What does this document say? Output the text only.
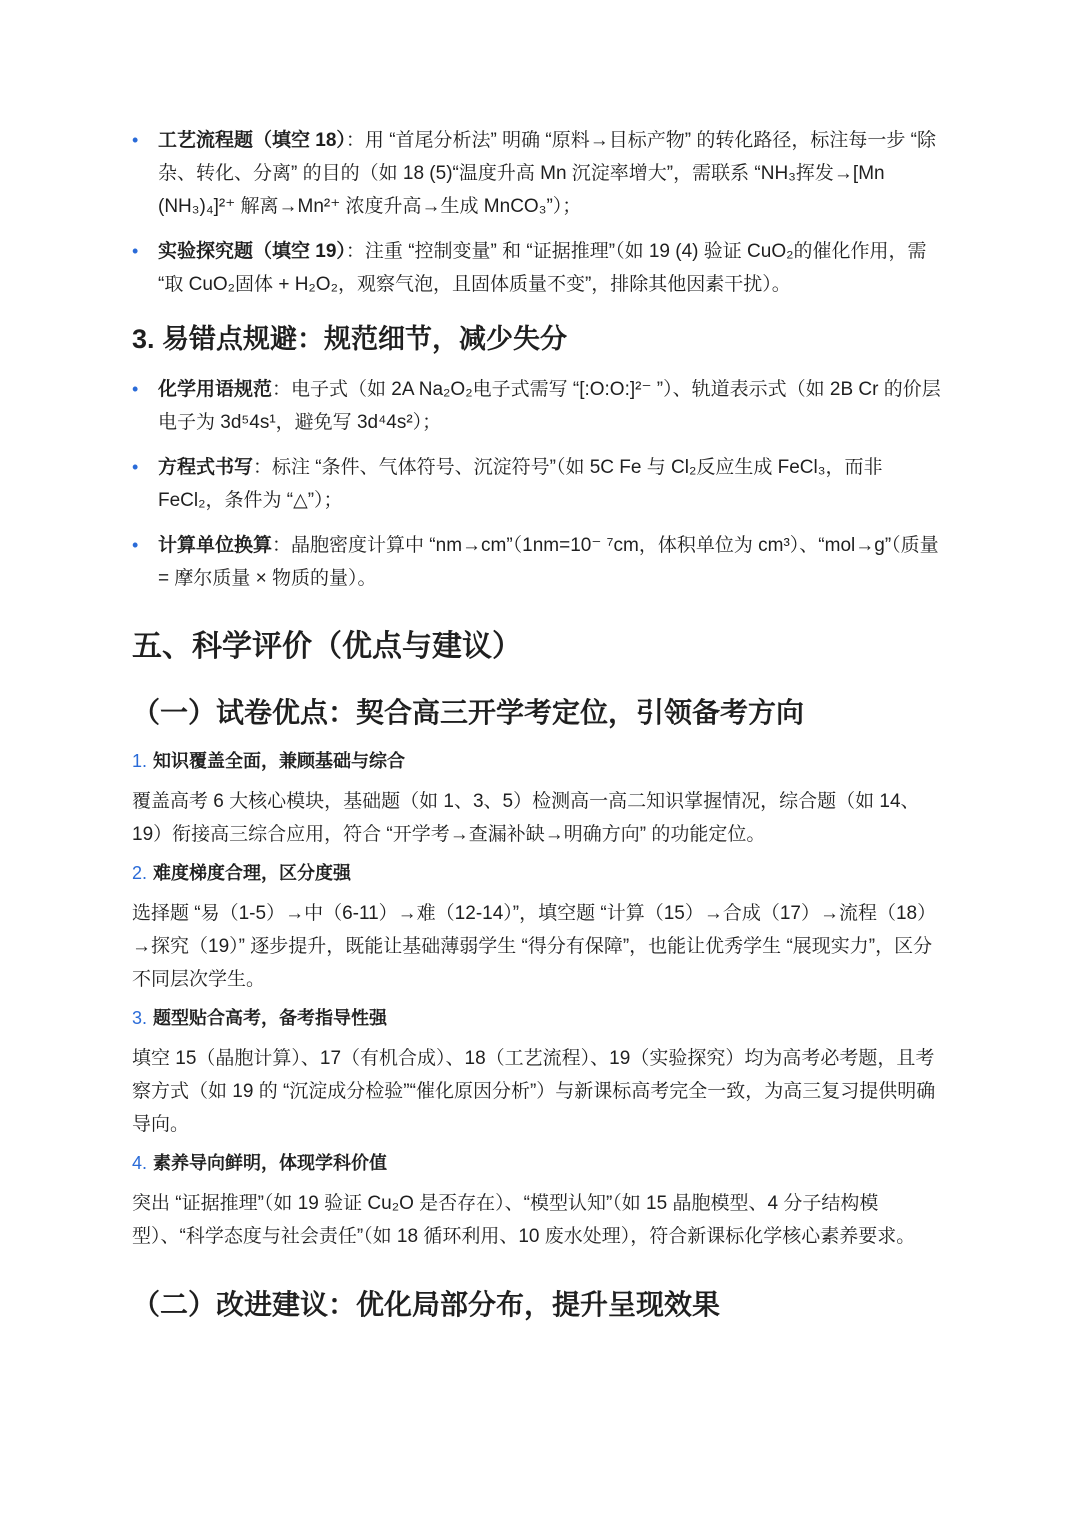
• 工艺流程题（填空 18）：用 “首尾分析法” 明确 “原料→目标产物” 的转化路径，标注每一步 “除杂、转化、分离” 的目的（如 18 (5)“温度升高 Mn 沉淀率增大”，需联系 “NH₃挥发→[Mn (NH₃)₄]²⁺ 解离→Mn²⁺ 浓度升高→生成 MnCO₃”）；
• 实验探究题（填空 19）：注重 “控制变量” 和 “证据推理”（如 19 (4) 验证 CuO₂的催化作用，需 “取 CuO₂固体 + H₂O₂，观察气泡，且固体质量不变”，排除其他因素干扰）。
3. 易错点规避：规范细节，减少失分
• 化学用语规范：电子式（如 2A Na₂O₂电子式需写 “[:O:O:]²⁻ ”）、轨道表示式（如 2B Cr 的价层电子为 3d⁵4s¹，避免写 3d⁴4s²）；
• 方程式书写：标注 “条件、气体符号、沉淀符号”（如 5C Fe 与 Cl₂反应生成 FeCl₃，而非 FeCl₂，条件为 “△”）；
• 计算单位换算：晶胞密度计算中 “nm→cm”（1nm=10⁻ ⁷cm，体积单位为 cm³）、“mol→g”（质量 = 摩尔质量 × 物质的量）。
五、科学评价（优点与建议）
（一）试卷优点：契合高三开学考定位，引领备考方向
1. 知识覆盖全面，兼顾基础与综合

覆盖高考 6 大核心模块，基础题（如 1、3、5）检测高一高二知识掌握情况，综合题（如 14、19）衔接高三综合应用，符合 “开学考→查漏补缺→明确方向” 的功能定位。

2. 难度梯度合理，区分度强

选择题 “易（1-5）→中（6-11）→难（12-14）”，填空题 “计算（15）→合成（17）→流程（18）→探究（19）” 逐步提升，既能让基础薄弱学生 “得分有保障”，也能让优秀学生 “展现实力”，区分不同层次学生。

3. 题型贴合高考，备考指导性强

填空 15（晶胞计算）、17（有机合成）、18（工艺流程）、19（实验探究）均为高考必考题，且考察方式（如 19 的 “沉淀成分检验”“催化原因分析”）与新课标高考完全一致，为高三复习提供明确导向。

4. 素养导向鲜明，体现学科价值

突出 “证据推理”（如 19 验证 Cu₂O 是否存在）、“模型认知”（如 15 晶胞模型、4 分子结构模型）、“科学态度与社会责任”（如 18 循环利用、10 废水处理），符合新课标化学核心素养要求。

（二）改进建议：优化局部分布，提升呈现效果
